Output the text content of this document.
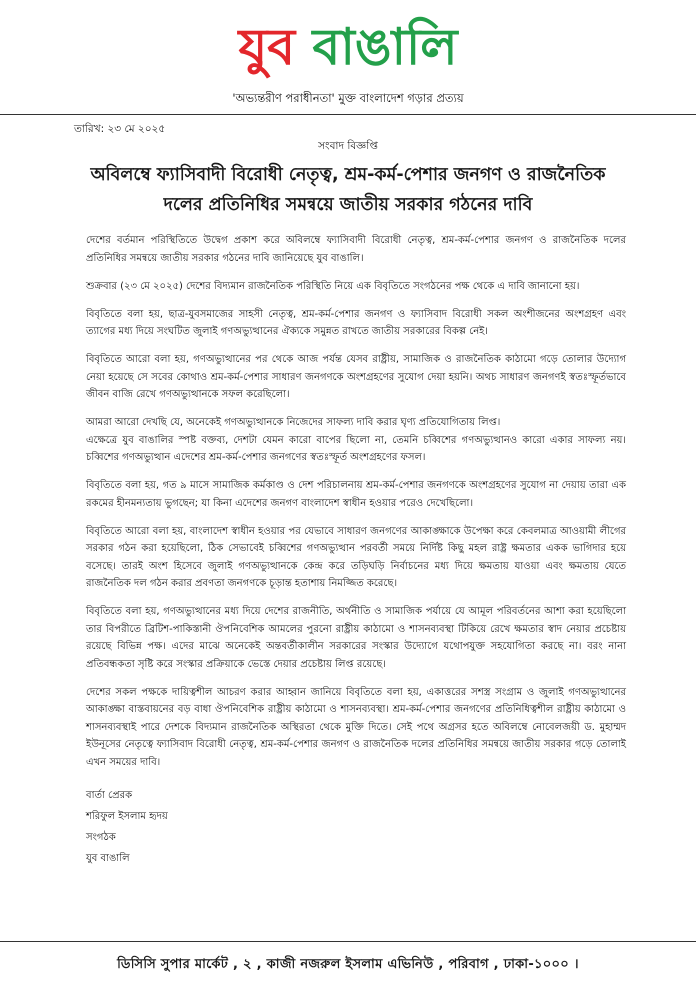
যুব বাঙালি
'অভ্যন্তরীণ পরাধীনতা' মুক্ত বাংলাদেশ গড়ার প্রত্যয়
তারিখ: ২৩ মে ২০২৫
সংবাদ বিজ্ঞপ্তি
অবিলম্বে ফ্যাসিবাদী বিরোধী নেতৃত্ব, শ্রম-কর্ম-পেশার জনগণ ও রাজনৈতিক দলের প্রতিনিধির সমন্বয়ে জাতীয় সরকার গঠনের দাবি

দেশের বর্তমান পরিস্থিতিতে উদ্বেগ প্রকাশ করে অবিলম্বে ফ্যাসিবাদী বিরোধী নেতৃত্ব, শ্রম-কর্ম-পেশার জনগণ ও রাজনৈতিক দলের প্রতিনিধির সমন্বয়ে জাতীয় সরকার গঠনের দাবি জানিয়েছে যুব বাঙালি।

শুক্রবার (২৩ মে ২০২৫) দেশের বিদ্যমান রাজনৈতিক পরিস্থিতি নিয়ে এক বিবৃতিতে সংগঠনের পক্ষ থেকে এ দাবি জানানো হয়।

বিবৃতিতে বলা হয়, ছাত্র-যুবসমাজের সাহসী নেতৃত্ব, শ্রম-কর্ম-পেশার জনগণ ও ফ্যাসিবাদ বিরোধী সকল অংশীজনের অংশগ্রহণ এবং ত্যাগের মধ্য দিয়ে সংঘটিত জুলাই গণঅভ্যুত্থানের ঐক্যকে সমুন্নত রাখতে জাতীয় সরকারের বিকল্প নেই।

বিবৃতিতে আরো বলা হয়, গণঅভ্যুত্থানের পর থেকে আজ পর্যন্ত যেসব রাষ্ট্রীয়, সামাজিক ও রাজনৈতিক কাঠামো গড়ে তোলার উদ্যোগ নেয়া হয়েছে সে সবের কোথাও শ্রম-কর্ম-পেশার সাধারণ জনগণকে অংশগ্রহণের সুযোগ দেয়া হয়নি। অথচ সাধারণ জনগণই স্বতঃস্ফূর্তভাবে জীবন বাজি রেখে গণঅভ্যুত্থানকে সফল করেছিলো।

আমরা আরো দেখছি যে, অনেকেই গণঅভ্যুত্থানকে নিজেদের সাফল্য দাবি করার ঘৃণ্য প্রতিযোগিতায় লিপ্ত।

এক্ষেত্রে যুব বাঙালির স্পষ্ট বক্তব্য, দেশটা যেমন কারো বাপের ছিলো না, তেমনি চব্বিশের গণঅভ্যুত্থানও কারো একার সাফল্য নয়। চব্বিশের গণঅভ্যুত্থান এদেশের শ্রম-কর্ম-পেশার জনগণের স্বতঃস্ফূর্ত অংশগ্রহণের ফসল।

বিবৃতিতে বলা হয়, গত ৯ মাসে সামাজিক কর্মকাণ্ড ও দেশ পরিচালনায় শ্রম-কর্ম-পেশার জনগণকে অংশগ্রহণের সুযোগ না দেয়ায় তারা এক রকমের হীনমন্যতায় ভুগছেন; যা কিনা এদেশের জনগণ বাংলাদেশ স্বাধীন হওয়ার পরেও দেখেছিলো।

বিবৃতিতে আরো বলা হয়, বাংলাদেশ স্বাধীন হওয়ার পর যেভাবে সাধারণ জনগণের আকাঙ্ক্ষাকে উপেক্ষা করে কেবলমাত্র আওয়ামী লীগের সরকার গঠন করা হয়েছিলো, ঠিক সেভাবেই চব্বিশের গণঅভ্যুত্থান পরবর্তী সময়ে নির্দিষ্ট কিছু মহল রাষ্ট্র ক্ষমতার একক ভাগিদার হয়ে বসেছে। তারই অংশ হিসেবে জুলাই গণঅভ্যুত্থানকে কেন্দ্র করে তড়িঘড়ি নির্বাচনের মধ্য দিয়ে ক্ষমতায় যাওয়া এবং ক্ষমতায় যেতে রাজনৈতিক দল গঠন করার প্রবণতা জনগণকে চূড়ান্ত হতাশায় নিমজ্জিত করেছে।

বিবৃতিতে বলা হয়, গণঅভ্যুত্থানের মধ্য দিয়ে দেশের রাজনীতি, অর্থনীতি ও সামাজিক পর্যায়ে যে আমূল পরিবর্তনের আশা করা হয়েছিলো তার বিপরীতে ব্রিটিশ-পাকিস্তানী ঔপনিবেশিক আমলের পুরনো রাষ্ট্রীয় কাঠামো ও শাসনব্যবস্থা টিকিয়ে রেখে ক্ষমতার স্বাদ নেয়ার প্রচেষ্টায় রয়েছে বিভিন্ন পক্ষ। এদের মাঝে অনেকেই অন্তবর্তীকালীন সরকারের সংস্কার উদ্যোগে যথোপযুক্ত সহযোগিতা করছে না। বরং নানা প্রতিবন্ধকতা সৃষ্টি করে সংস্কার প্রক্রিয়াকে ভেস্তে দেয়ার প্রচেষ্টায় লিপ্ত রয়েছে।

দেশের সকল পক্ষকে দায়িত্বশীল আচরণ করার আহ্বান জানিয়ে বিবৃতিতে বলা হয়, একাত্তরের সশস্ত্র সংগ্রাম ও জুলাই গণঅভ্যুত্থানের আকাঙ্ক্ষা বাস্তবায়নের বড় বাধা ঔপনিবেশিক রাষ্ট্রীয় কাঠামো ও শাসনব্যবস্থা। শ্রম-কর্ম-পেশার জনগণের প্রতিনিধিত্বশীল রাষ্ট্রীয় কাঠামো ও শাসনব্যবস্থাই পারে দেশকে বিদ্যমান রাজনৈতিক অস্থিরতা থেকে মুক্তি দিতে। সেই পথে অগ্রসর হতে অবিলম্বে নোবেলজয়ী ড. মুহাম্মদ ইউনূসের নেতৃত্বে ফ্যাসিবাদ বিরোধী নেতৃত্ব, শ্রম-কর্ম-পেশার জনগণ ও রাজনৈতিক দলের প্রতিনিধির সমন্বয়ে জাতীয় সরকার গড়ে তোলাই এখন সময়ের দাবি।

বার্তা প্রেরক
শরিফুল ইসলাম হৃদয়
সংগঠক
যুব বাঙালি
ডিসিসি সুপার মার্কেট , ২ , কাজী নজরুল ইসলাম এভিনিউ , পরিবাগ , ঢাকা-১০০০ ।
